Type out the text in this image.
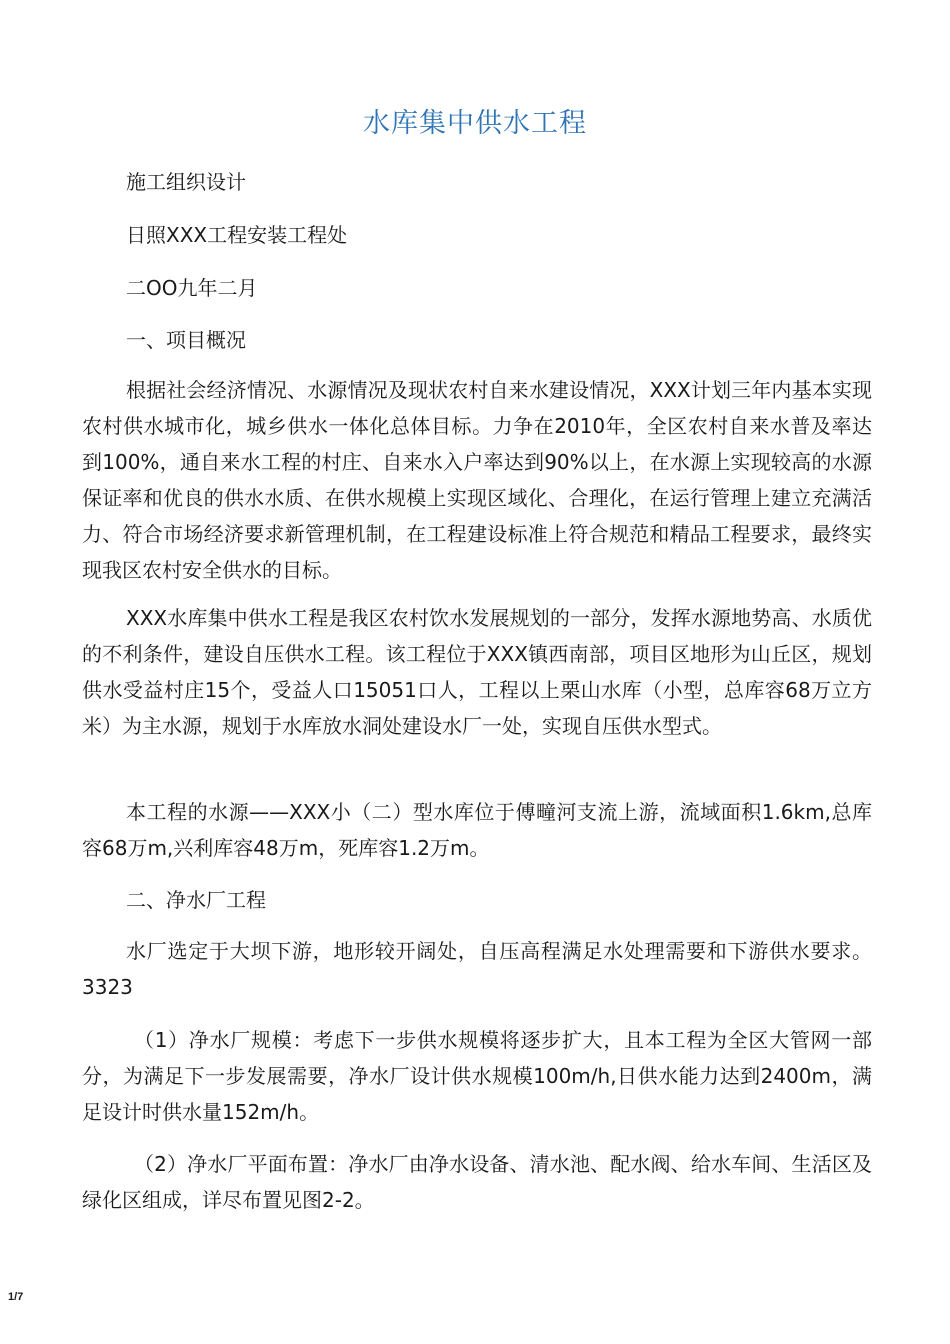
水库集中供水工程
施工组织设计
日照XXX工程安装工程处
二OO九年二月
一、项目概况
根据社会经济情况、水源情况及现状农村自来水建设情况，XXX计划三年内基本实现农村供水城市化，城乡供水一体化总体目标。力争在2010年，全区农村自来水普及率达到100%，通自来水工程的村庄、自来水入户率达到90%以上，在水源上实现较高的水源保证率和优良的供水水质、在供水规模上实现区域化、合理化，在运行管理上建立充满活力、符合市场经济要求新管理机制，在工程建设标准上符合规范和精品工程要求，最终实现我区农村安全供水的目标。
XXX水库集中供水工程是我区农村饮水发展规划的一部分，发挥水源地势高、水质优的不利条件，建设自压供水工程。该工程位于XXX镇西南部，项目区地形为山丘区，规划供水受益村庄15个，受益人口15051口人，工程以上栗山水库（小型，总库容68万立方米）为主水源，规划于水库放水洞处建设水厂一处，实现自压供水型式。
本工程的水源——XXX小（二）型水库位于傅疃河支流上游，流域面积1.6km,总库容68万m,兴利库容48万m，死库容1.2万m。
二、净水厂工程
水厂选定于大坝下游，地形较开阔处，自压高程满足水处理需要和下游供水要求。3323
（1）净水厂规模：考虑下一步供水规模将逐步扩大，且本工程为全区大管网一部分，为满足下一步发展需要，净水厂设计供水规模100m/h,日供水能力达到2400m，满足设计时供水量152m/h。
（2）净水厂平面布置：净水厂由净水设备、清水池、配水阀、给水车间、生活区及绿化区组成，详尽布置见图2-2。
1/7
